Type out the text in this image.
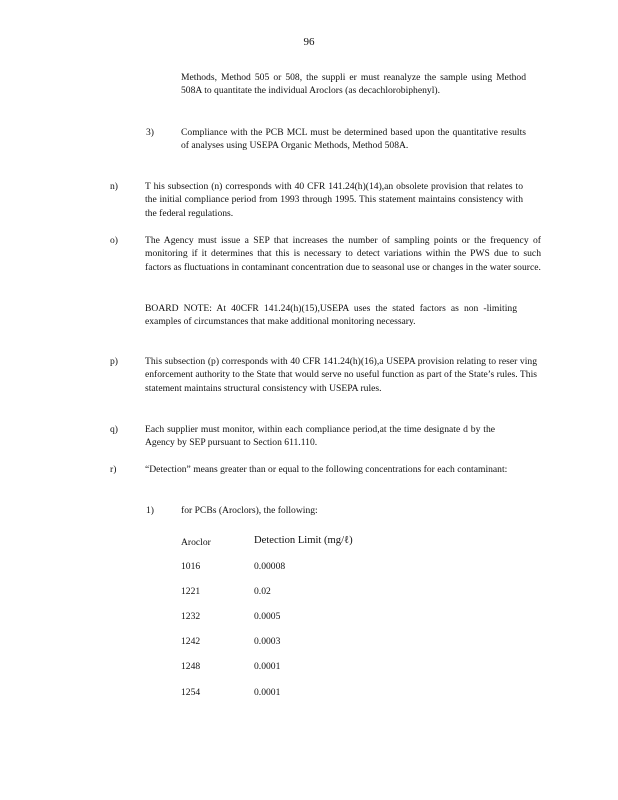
96

Methods, Method 505 or 508, the suppli er must reanalyze the sample using Method 508A to quantitate the individual Aroclors (as decachlorobiphenyl).

3)	Compliance with the PCB MCL must be determined based upon the quantitative results of analyses using USEPA Organic Methods, Method 508A.

n)	T his subsection (n) corresponds with 40 CFR 141.24(h)(14),an obsolete provision that relates to the initial compliance period from 1993 through 1995. This statement maintains consistency with the federal regulations.

o)	The Agency must issue a SEP that increases the number of sampling points or the frequency of monitoring if it determines that this is necessary to detect variations within the PWS due to such factors as fluctuations in contaminant concentration due to seasonal use or changes in the water source.

BOARD NOTE: At 40CFR 141.24(h)(15),USEPA uses the stated factors as non -limiting examples of circumstances that make additional monitoring necessary.

p)	This subsection (p) corresponds with 40 CFR 141.24(h)(16),a USEPA provision relating to reser ving enforcement authority to the State that would serve no useful function as part of the State’s rules. This statement maintains structural consistency with USEPA rules.

q)	Each supplier must monitor, within each compliance period,at the time designate d by the Agency by SEP pursuant to Section 611.110.

r)	“Detection” means greater than or equal to the following concentrations for each contaminant:

1)	for PCBs (Aroclors), the following:
Aroclor	Detection Limit (mg/ℓ)
1016	0.00008
1221	0.02
1232	0.0005
1242	0.0003
1248	0.0001
1254	0.0001
